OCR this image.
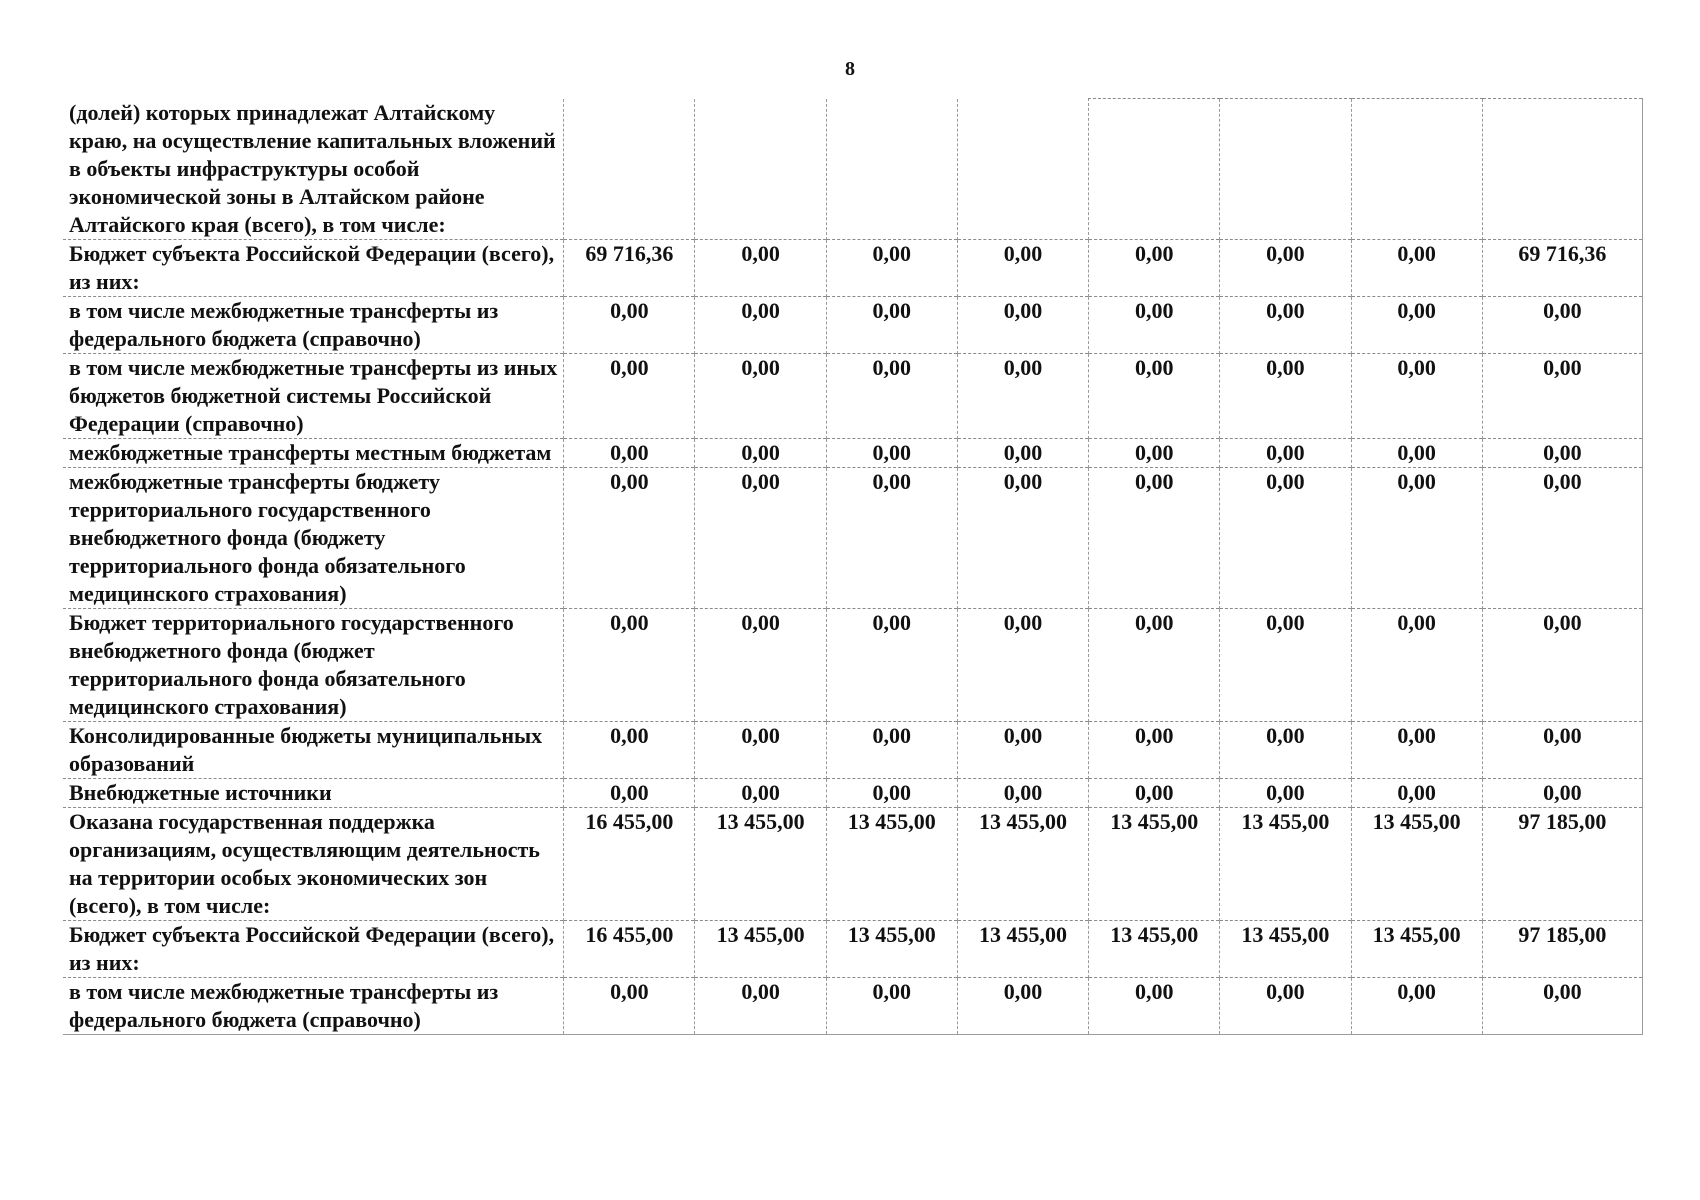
8
(долей) которых принадлежат Алтайскому краю, на осуществление капитальных вложений в объекты инфраструктуры особой экономической зоны в Алтайском районе Алтайского края (всего), в том числе:								

Бюджет субъекта Российской Федерации (всего), из них:	69 716,36	0,00	0,00	0,00	0,00	0,00	0,00	69 716,36

в том числе межбюджетные трансферты из федерального бюджета (справочно)	0,00	0,00	0,00	0,00	0,00	0,00	0,00	0,00

в том числе межбюджетные трансферты из иных бюджетов бюджетной системы Российской Федерации (справочно)	0,00	0,00	0,00	0,00	0,00	0,00	0,00	0,00

межбюджетные трансферты местным бюджетам	0,00	0,00	0,00	0,00	0,00	0,00	0,00	0,00

межбюджетные трансферты бюджету территориального государственного внебюджетного фонда (бюджету территориального фонда обязательного медицинского страхования)	0,00	0,00	0,00	0,00	0,00	0,00	0,00	0,00

Бюджет территориального государственного внебюджетного фонда (бюджет территориального фонда обязательного медицинского страхования)	0,00	0,00	0,00	0,00	0,00	0,00	0,00	0,00

Консолидированные бюджеты муниципальных образований	0,00	0,00	0,00	0,00	0,00	0,00	0,00	0,00

Внебюджетные источники	0,00	0,00	0,00	0,00	0,00	0,00	0,00	0,00

Оказана государственная поддержка организациям, осуществляющим деятельность на территории особых экономических зон (всего), в том числе:	16 455,00	13 455,00	13 455,00	13 455,00	13 455,00	13 455,00	13 455,00	97 185,00

Бюджет субъекта Российской Федерации (всего), из них:	16 455,00	13 455,00	13 455,00	13 455,00	13 455,00	13 455,00	13 455,00	97 185,00

в том числе межбюджетные трансферты из федерального бюджета (справочно)	0,00	0,00	0,00	0,00	0,00	0,00	0,00	0,00
